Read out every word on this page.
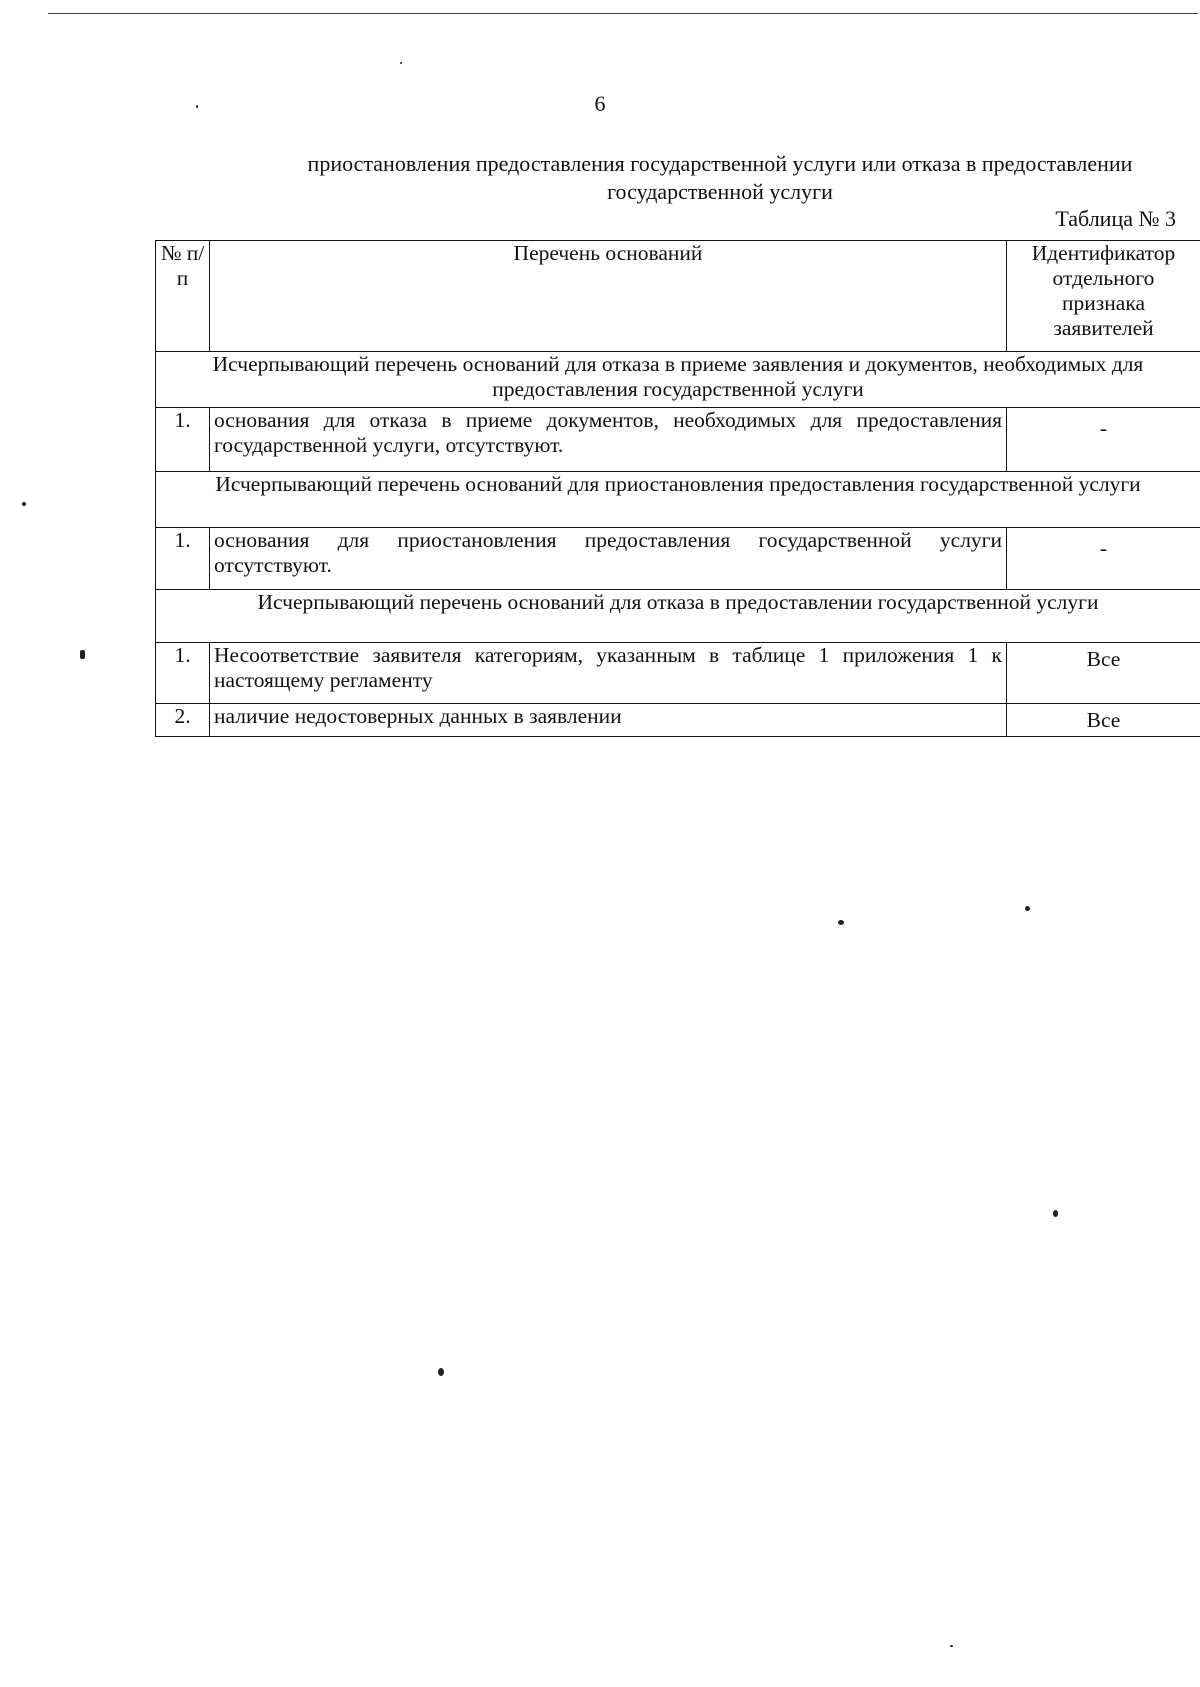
6
приостановления предоставления государственной услуги или отказа в предоставлении государственной услуги
Таблица № 3
№ п/п	Перечень оснований	Идентификатор отдельного признака заявителей
Исчерпывающий перечень оснований для отказа в приеме заявления и документов, необходимых для предоставления государственной услуги		
1.	основания для отказа в приеме документов, необходимых для предоставления государственной услуги, отсутствуют.	-
Исчерпывающий перечень оснований для приостановления предоставления государственной услуги		
1.	основания для приостановления предоставления государственной услуги отсутствуют.	-
Исчерпывающий перечень оснований для отказа в предоставлении государственной услуги		
1.	Несоответствие заявителя категориям, указанным в таблице 1 приложения 1 к настоящему регламенту	Все
2.	наличие недостоверных данных в заявлении	Все
